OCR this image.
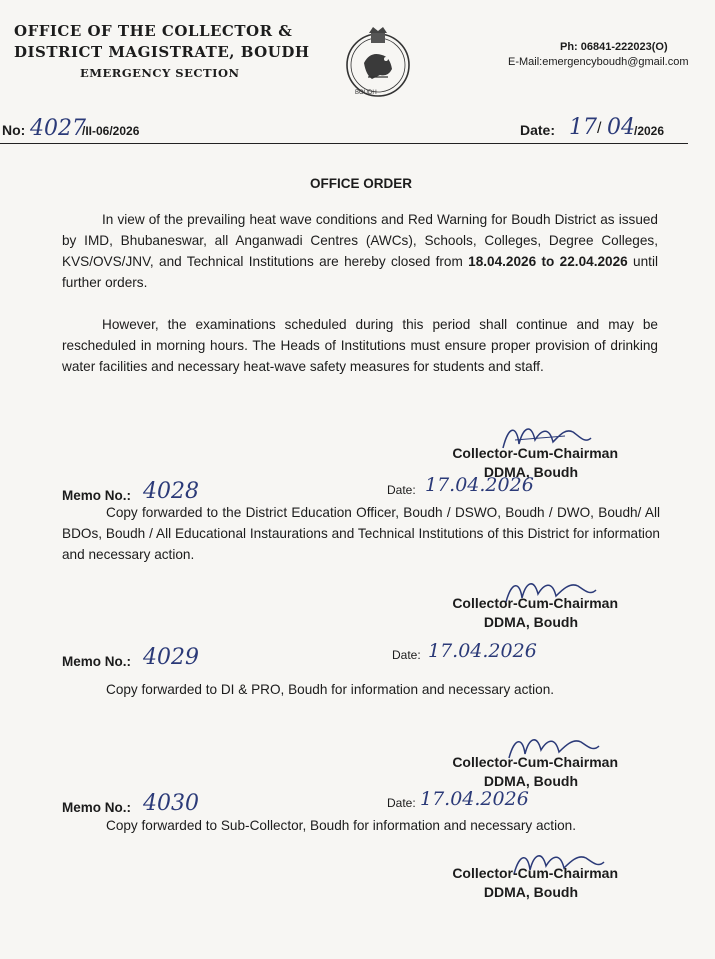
OFFICE OF THE COLLECTOR &
DISTRICT MAGISTRATE, BOUDH
EMERGENCY SECTION
BOUDH
Ph: 06841-222023(O)
E-Mail:emergencyboudh@gmail.com
No: 4027
/II-06/2026	Date: 17 / 04 /2026
OFFICE ORDER
In view of the prevailing heat wave conditions and Red Warning for Boudh District as issued by IMD, Bhubaneswar, all Anganwadi Centres (AWCs), Schools, Colleges, Degree Colleges, KVS/OVS/JNV, and Technical Institutions are hereby closed from 18.04.2026 to 22.04.2026 until further orders.
However, the examinations scheduled during this period shall continue and may be rescheduled in morning hours. The Heads of Institutions must ensure proper provision of drinking water facilities and necessary heat-wave safety measures for students and staff.
Collector-Cum-Chairman
DDMA, Boudh
Memo No.: 4028	Date: 17.04.2026
Copy forwarded to the District Education Officer, Boudh / DSWO, Boudh / DWO, Boudh/ All BDOs, Boudh / All Educational Instaurations and Technical Institutions of this District for information and necessary action.
Collector-Cum-Chairman
DDMA, Boudh
Memo No.: 4029	Date: 17.04.2026
Copy forwarded to DI & PRO, Boudh for information and necessary action.
Collector-Cum-Chairman
DDMA, Boudh
Memo No.: 4030	Date: 17.04.2026
Copy forwarded to Sub-Collector, Boudh for information and necessary action.
Collector-Cum-Chairman
DDMA, Boudh
